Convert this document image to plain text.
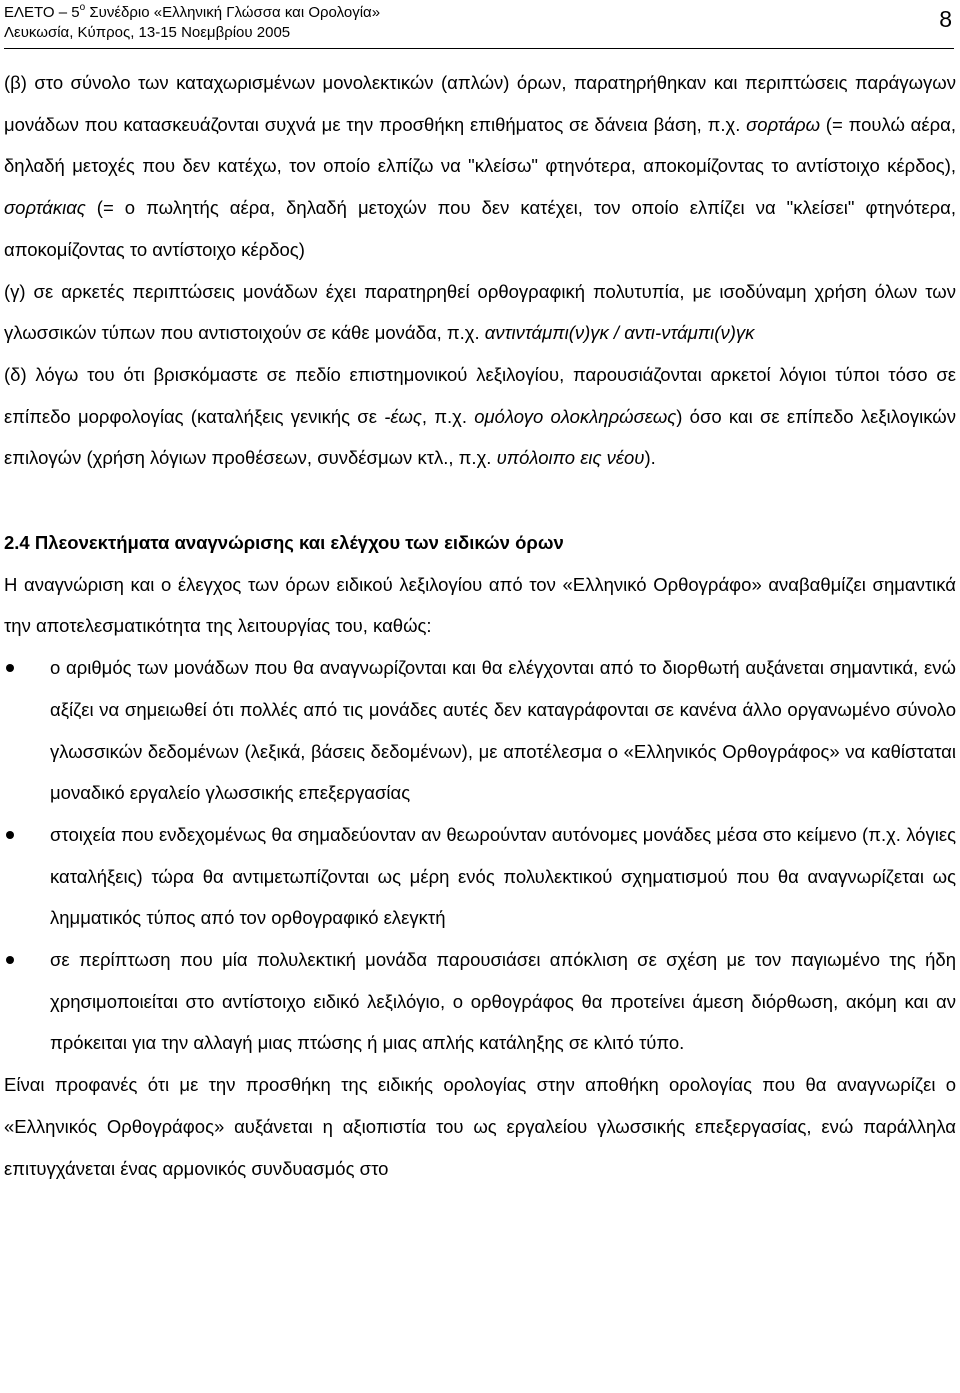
ΕΛΕΤΟ – $5^o$ Συνέδριο «Ελληνική Γλώσσα και Ορολογία»
Λευκωσία, Κύπρος, 13-15 Νοεμβρίου 2005
8

(β) στο σύνολο των καταχωρισμένων μονολεκτικών (απλών) όρων, παρατηρήθηκαν και περιπτώσεις παράγωγων μονάδων που κατασκευάζονται συχνά με την προσθήκη επιθήματος σε δάνεια βάση, π.χ. σορτάρω (= πουλώ αέρα, δηλαδή μετοχές που δεν κατέχω, τον οποίο ελπίζω να "κλείσω" φτηνότερα, αποκομίζοντας το αντίστοιχο κέρδος), σορτάκιας (= ο πωλητής αέρα, δηλαδή μετοχών που δεν κατέχει, τον οποίο ελπίζει να "κλείσει" φτηνότερα, αποκομίζοντας το αντίστοιχο κέρδος)

(γ) σε αρκετές περιπτώσεις μονάδων έχει παρατηρηθεί ορθογραφική πολυτυπία, με ισοδύναμη χρήση όλων των γλωσσικών τύπων που αντιστοιχούν σε κάθε μονάδα, π.χ. αντιντάμπι(ν)γκ / αντι-ντάμπι(ν)γκ

(δ) λόγω του ότι βρισκόμαστε σε πεδίο επιστημονικού λεξιλογίου, παρουσιάζονται αρκετοί λόγιοι τύποι τόσο σε επίπεδο μορφολογίας (καταλήξεις γενικής σε -έως, π.χ. ομόλογο ολοκληρώσεως) όσο και σε επίπεδο λεξιλογικών επιλογών (χρήση λόγιων προθέσεων, συνδέσμων κτλ., π.χ. υπόλοιπο εις νέου).

2.4 Πλεονεκτήματα αναγνώρισης και ελέγχου των ειδικών όρων

Η αναγνώριση και ο έλεγχος των όρων ειδικού λεξιλογίου από τον «Ελληνικό Ορθογράφο» αναβαθμίζει σημαντικά την αποτελεσματικότητα της λειτουργίας του, καθώς:

ο αριθμός των μονάδων που θα αναγνωρίζονται και θα ελέγχονται από το διορθωτή αυξάνεται σημαντικά, ενώ αξίζει να σημειωθεί ότι πολλές από τις μονάδες αυτές δεν καταγράφονται σε κανένα άλλο οργανωμένο σύνολο γλωσσικών δεδομένων (λεξικά, βάσεις δεδομένων), με αποτέλεσμα ο «Ελληνικός Ορθογράφος» να καθίσταται μοναδικό εργαλείο γλωσσικής επεξεργασίας
στοιχεία που ενδεχομένως θα σημαδεύονταν αν θεωρούνταν αυτόνομες μονάδες μέσα στο κείμενο (π.χ. λόγιες καταλήξεις) τώρα θα αντιμετωπίζονται ως μέρη ενός πολυλεκτικού σχηματισμού που θα αναγνωρίζεται ως λημματικός τύπος από τον ορθογραφικό ελεγκτή
σε περίπτωση που μία πολυλεκτική μονάδα παρουσιάσει απόκλιση σε σχέση με τον παγιωμένο της ήδη χρησιμοποιείται στο αντίστοιχο ειδικό λεξιλόγιο, ο ορθογράφος θα προτείνει άμεση διόρθωση, ακόμη και αν πρόκειται για την αλλαγή μιας πτώσης ή μιας απλής κατάληξης σε κλιτό τύπο.

Είναι προφανές ότι με την προσθήκη της ειδικής ορολογίας στην αποθήκη ορολογίας που θα αναγνωρίζει ο «Ελληνικός Ορθογράφος» αυξάνεται η αξιοπιστία του ως εργαλείου γλωσσικής επεξεργασίας, ενώ παράλληλα επιτυγχάνεται ένας αρμονικός συνδυασμός στο
